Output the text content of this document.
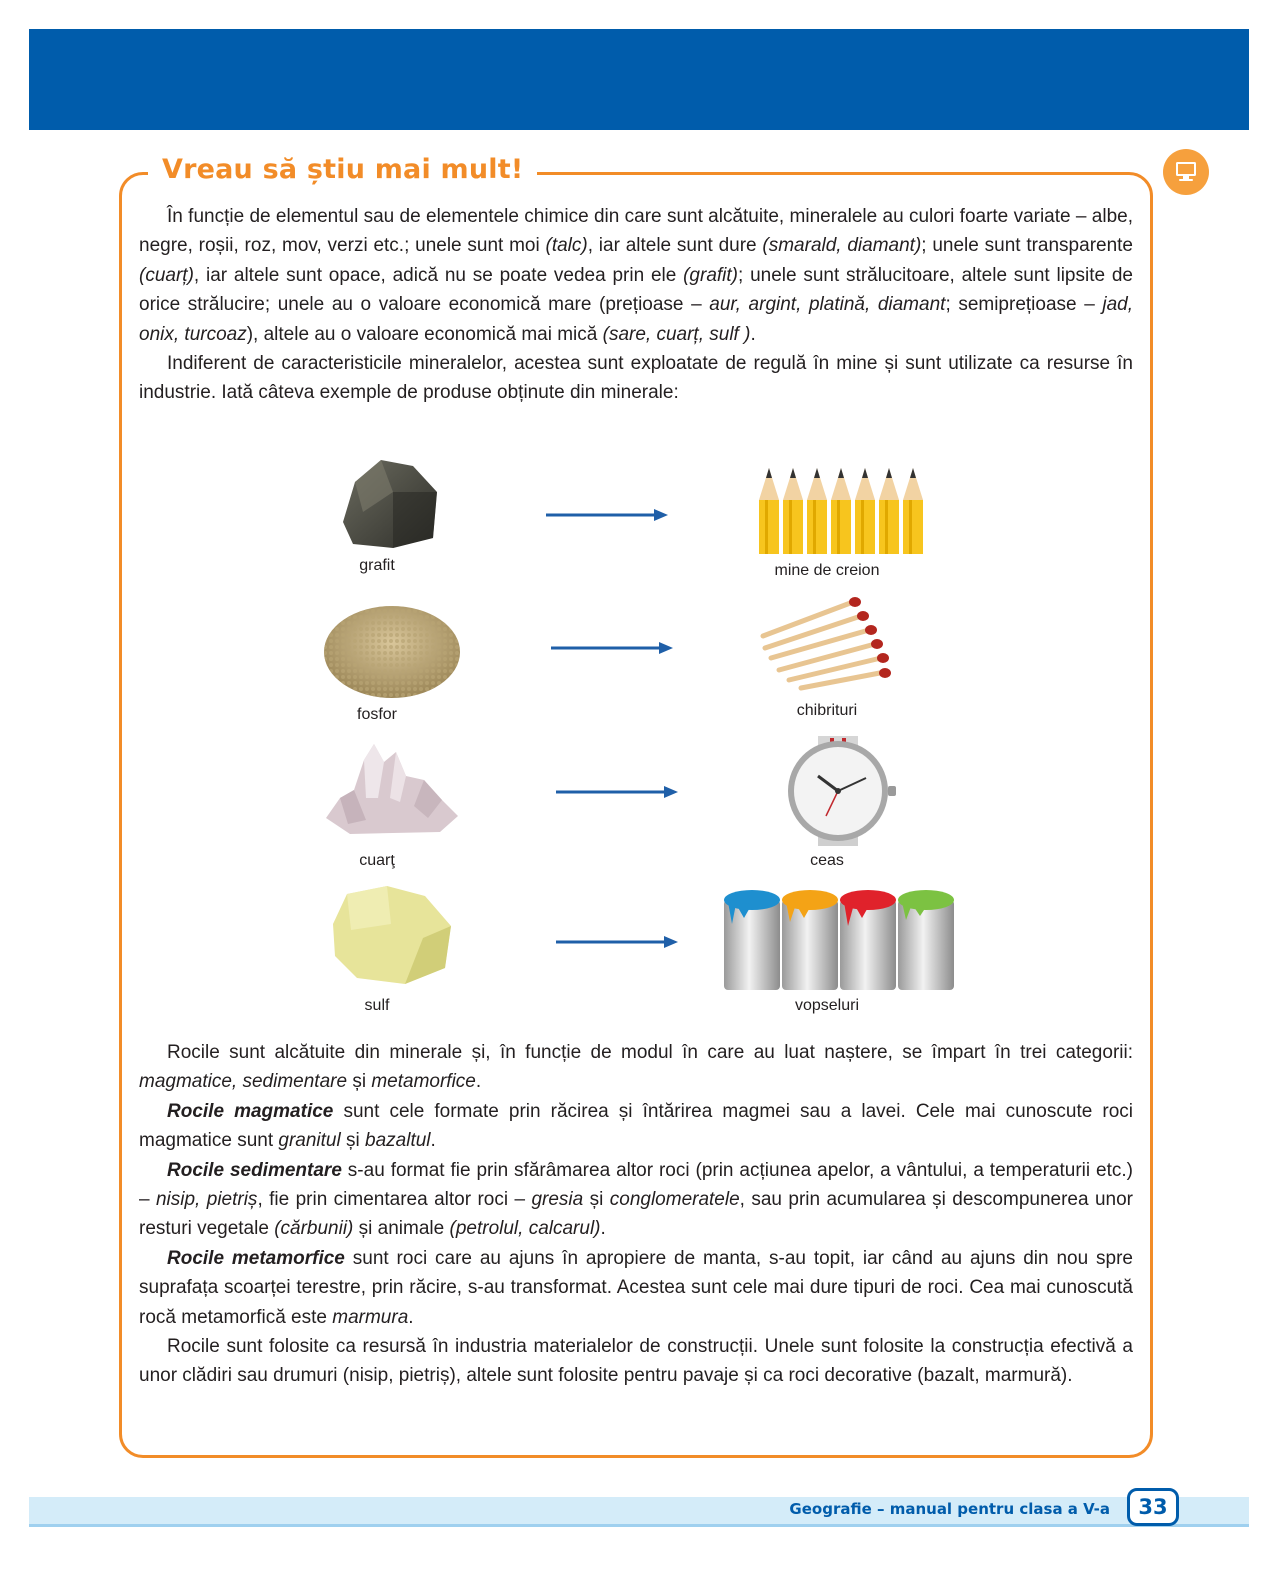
Vreau să știu mai mult!

În funcție de elementul sau de elementele chimice din care sunt alcătuite, mineralele au culori foarte variate – albe, negre, roșii, roz, mov, verzi etc.; unele sunt moi (talc), iar altele sunt dure (smarald, diamant); unele sunt transparente (cuarț), iar altele sunt opace, adică nu se poate vedea prin ele (grafit); unele sunt strălucitoare, altele sunt lipsite de orice strălucire; unele au o valoare economică mare (prețioase – aur, argint, platină, diamant; semiprețioase – jad, onix, turcoaz), altele au o valoare economică mai mică (sare, cuarț, sulf ).

Indiferent de caracteristicile mineralelor, acestea sunt exploatate de regulă în mine și sunt utilizate ca resurse în industrie. Iată câteva exemple de produse obținute din minerale:

grafit	mine de creion
fosfor	chibrituri
cuarţ	ceas
sulf	vopseluri

Rocile sunt alcătuite din minerale și, în funcție de modul în care au luat naștere, se împart în trei categorii: magmatice, sedimentare și metamorfice.

Rocile magmatice sunt cele formate prin răcirea și întărirea magmei sau a lavei. Cele mai cunoscute roci magmatice sunt granitul și bazaltul.

Rocile sedimentare s-au format fie prin sfărâmarea altor roci (prin acțiunea apelor, a vântului, a temperaturii etc.) – nisip, pietriș, fie prin cimentarea altor roci – gresia și conglomeratele, sau prin acumularea și descompunerea unor resturi vegetale (cărbunii) și animale (petrolul, calcarul).

Rocile metamorfice sunt roci care au ajuns în apropiere de manta, s-au topit, iar când au ajuns din nou spre suprafața scoarței terestre, prin răcire, s-au transformat. Acestea sunt cele mai dure tipuri de roci. Cea mai cunoscută rocă metamorfică este marmura.

Rocile sunt folosite ca resursă în industria materialelor de construcții. Unele sunt folosite la construcția efectivă a unor clădiri sau drumuri (nisip, pietriș), altele sunt folosite pentru pavaje și ca roci decorative (bazalt, marmură).

Geografie – manual pentru clasa a V-a	33
